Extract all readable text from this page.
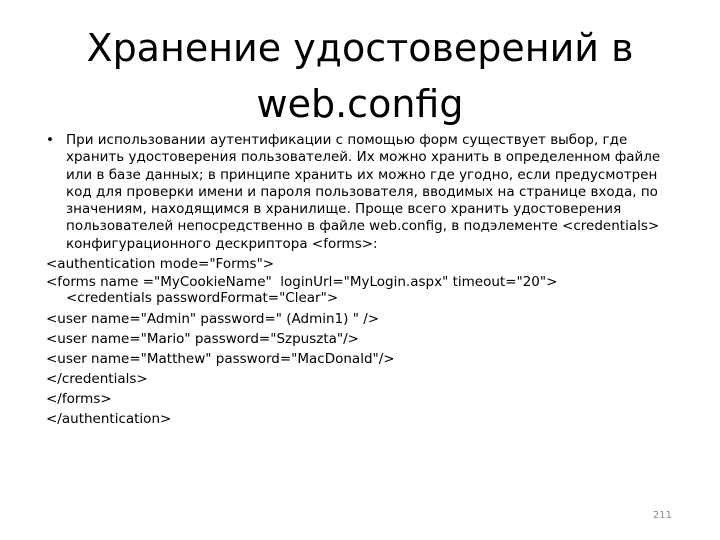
Хранение удостоверений в
web.config
• При использовании аутентификации с помощью форм существует выбор, где хранить удостоверения пользователей. Их можно хранить в определенном файле или в базе данных; в принципе хранить их можно где угодно, если предусмотрен код для проверки имени и пароля пользователя, вводимых на странице входа, по значениям, находящимся в хранилище. Проще всего хранить удостоверения пользователей непосредственно в файле web.config, в подэлементе <credentials> конфигурационного дескриптора <forms>:
<authentication mode="Forms">
<forms name ="MyCookieName"  loginUrl="MyLogin.aspx" timeout="20">
<credentials passwordFormat="Clear">
<user name="Admin" password=" (Admin1) " />
<user name="Mario" password="Szpuszta"/>
<user name="Matthew" password="MacDonald"/>
</credentials>
</forms>
</authentication>
211
